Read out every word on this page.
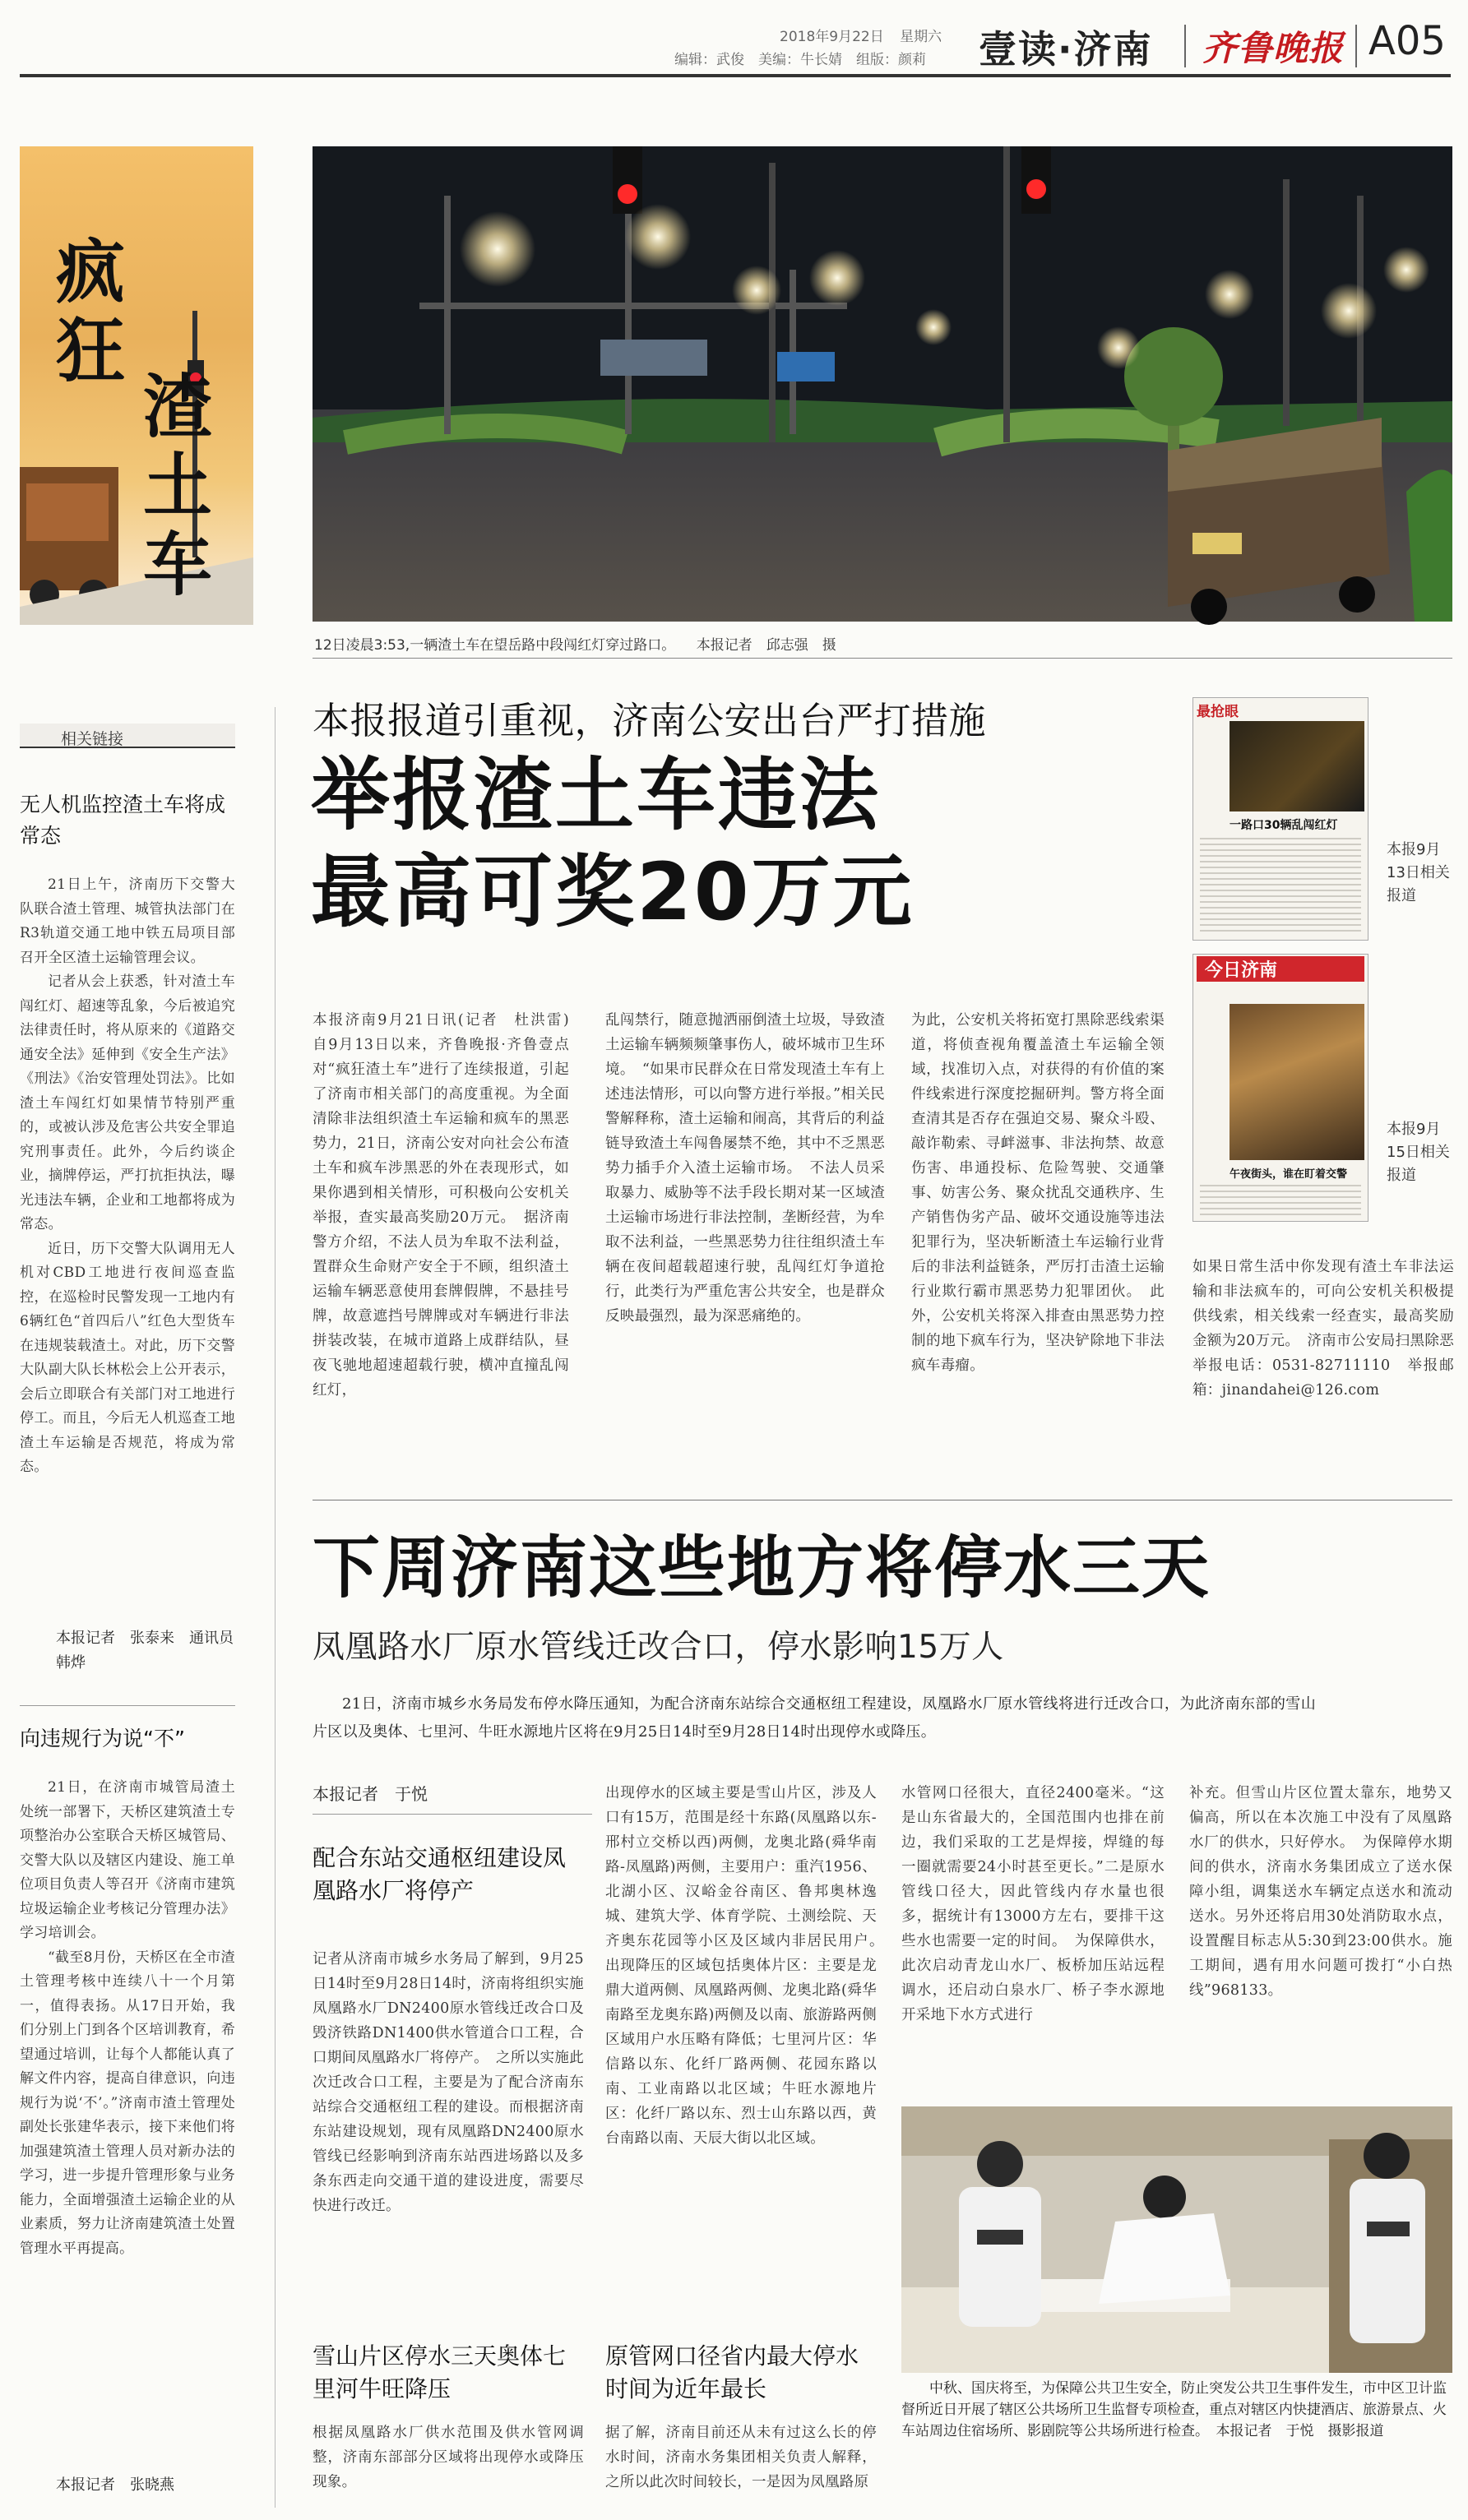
2018年9月22日 星期六
编辑：武俊　美编：牛长婧　组版：颜莉 壹读·济南 齐鲁晚报 A05
疯
狂
渣
土
车
12日凌晨3:53,一辆渣土车在望岳路中段闯红灯穿过路口。　　本报记者　邱志强　摄
相关链接
无人机监控渣土车将成常态

21日上午，济南历下交警大队联合渣土管理、城管执法部门在R3轨道交通工地中铁五局项目部召开全区渣土运输管理会议。

记者从会上获悉，针对渣土车闯红灯、超速等乱象，今后被追究法律责任时，将从原来的《道路交通安全法》延伸到《安全生产法》《刑法》《治安管理处罚法》。比如渣土车闯红灯如果情节特别严重的，或被认涉及危害公共安全罪追究刑事责任。此外，今后约谈企业，摘牌停运，严打抗拒执法，曝光违法车辆，企业和工地都将成为常态。

近日，历下交警大队调用无人机对CBD工地进行夜间巡查监控，在巡检时民警发现一工地内有6辆红色“首四后八”红色大型货车在违规装载渣土。对此，历下交警大队副大队长林松会上公开表示，会后立即联合有关部门对工地进行停工。而且，今后无人机巡查工地渣土车运输是否规范，将成为常态。

本报记者　张泰来　通讯员　韩烨
向违规行为说“不”

21日，在济南市城管局渣土处统一部署下，天桥区建筑渣土专项整治办公室联合天桥区城管局、交警大队以及辖区内建设、施工单位项目负责人等召开《济南市建筑垃圾运输企业考核记分管理办法》学习培训会。

“截至8月份，天桥区在全市渣土管理考核中连续八十一个月第一，值得表扬。从17日开始，我们分别上门到各个区培训教育，希望通过培训，让每个人都能认真了解文件内容，提高自律意识，向违规行为说‘不’。”济南市渣土管理处副处长张建华表示，接下来他们将加强建筑渣土管理人员对新办法的学习，进一步提升管理形象与业务能力，全面增强渣土运输企业的从业素质，努力让济南建筑渣土处置管理水平再提高。

本报记者　张晓燕
本报报道引重视，济南公安出台严打措施
举报渣土车违法
最高可奖20万元
本报济南9月21日讯(记者　杜洪雷)　自9月13日以来，齐鲁晚报·齐鲁壹点对“疯狂渣土车”进行了连续报道，引起了济南市相关部门的高度重视。为全面清除非法组织渣土车运输和疯车的黑恶势力，21日，济南公安对向社会公布渣土车和疯车涉黑恶的外在表现形式，如果你遇到相关情形，可积极向公安机关举报，查实最高奖励20万元。　据济南警方介绍，不法人员为牟取不法利益，置群众生命财产安全于不顾，组织渣土运输车辆恶意使用套牌假牌，不悬挂号牌，故意遮挡号牌牌或对车辆进行非法拼装改装，在城市道路上成群结队，昼夜飞驰地超速超载行驶，横冲直撞乱闯红灯，
乱闯禁行，随意抛洒丽倒渣土垃圾，导致渣土运输车辆频频肇事伤人，破坏城市卫生环境。　“如果市民群众在日常发现渣土车有上述违法情形，可以向警方进行举报。”相关民警解释称，渣土运输和闹高，其背后的利益链导致渣土车闯鲁屡禁不绝，其中不乏黑恶势力插手介入渣土运输市场。　不法人员采取暴力、威胁等不法手段长期对某一区域渣土运输市场进行非法控制，垄断经营，为牟取不法利益，一些黑恶势力往往组织渣土车辆在夜间超载超速行驶，乱闯红灯争道抢行，此类行为严重危害公共安全，也是群众反映最强烈，最为深恶痛绝的。
为此，公安机关将拓宽打黑除恶线索渠道，将侦查视角覆盖渣土车运输全领域，找准切入点，对获得的有价值的案件线索进行深度挖掘研判。警方将全面查清其是否存在强迫交易、聚众斗殴、敲诈勒索、寻衅滋事、非法拘禁、故意伤害、串通投标、危险驾驶、交通肇事、妨害公务、聚众扰乱交通秩序、生产销售伪劣产品、破坏交通设施等违法犯罪行为，坚决斩断渣土车运输行业背后的非法利益链条，严厉打击渣土运输行业欺行霸市黑恶势力犯罪团伙。　此外，公安机关将深入排查由黑恶势力控制的地下疯车行为，坚决铲除地下非法疯车毒瘤。
最抢眼
一路口30辆乱闯红灯
本报9月13日相关报道
今日济南
午夜街头，谁在盯着交警
本报9月15日相关报道
如果日常生活中你发现有渣土车非法运输和非法疯车的，可向公安机关积极提供线索，相关线索一经查实，最高奖励金额为20万元。　济南市公安局扫黑除恶举报电话：0531-82711110　举报邮箱：jinandahei@126.com
下周济南这些地方将停水三天
凤凰路水厂原水管线迁改合口，停水影响15万人
21日，济南市城乡水务局发布停水降压通知，为配合济南东站综合交通枢纽工程建设，凤凰路水厂原水管线将进行迁改合口，为此济南东部的雪山片区以及奥体、七里河、牛旺水源地片区将在9月25日14时至9月28日14时出现停水或降压。
本报记者　于悦
配合东站交通枢纽建设凤凰路水厂将停产
记者从济南市城乡水务局了解到，9月25日14时至9月28日14时，济南将组织实施凤凰路水厂DN2400原水管线迁改合口及毁济铁路DN1400供水管道合口工程，合口期间凤凰路水厂将停产。　之所以实施此次迁改合口工程，主要是为了配合济南东站综合交通枢纽工程的建设。而根据济南东站建设规划，现有凤凰路DN2400原水管线已经影响到济南东站西进场路以及多条东西走向交通干道的建设进度，需要尽快进行改迁。
雪山片区停水三天奥体七里河牛旺降压
根据凤凰路水厂供水范围及供水管网调整，济南东部部分区域将出现停水或降压现象。
出现停水的区域主要是雪山片区，涉及人口有15万，范围是经十东路(凤凰路以东-邢村立交桥以西)两侧，龙奥北路(舜华南路-凤凰路)两侧，主要用户：重汽1956、北湖小区、汉峪金谷南区、鲁邦奥林逸城、建筑大学、体育学院、土测绘院、天齐奥东花园等小区及区域内非居民用户。　出现降压的区域包括奥体片区：主要是龙鼎大道两侧、凤凰路两侧、龙奥北路(舜华南路至龙奥东路)两侧及以南、旅游路两侧区域用户水压略有降低；七里河片区：华信路以东、化纤厂路两侧、花园东路以南、工业南路以北区域；牛旺水源地片区：化纤厂路以东、烈士山东路以西，黄台南路以南、天辰大街以北区域。
原管网口径省内最大停水时间为近年最长
据了解，济南目前还从未有过这么长的停水时间，济南水务集团相关负责人解释，之所以此次时间较长，一是因为凤凰路原
水管网口径很大，直径2400毫米。“这是山东省最大的，全国范围内也排在前边，我们采取的工艺是焊接，焊缝的每一圈就需要24小时甚至更长。”二是原水管线口径大，因此管线内存水量也很多，据统计有13000方左右，要排干这些水也需要一定的时间。　为保障供水，此次启动青龙山水厂、板桥加压站远程调水，还启动白泉水厂、桥子李水源地开采地下水方式进行
补充。但雪山片区位置太靠东，地势又偏高，所以在本次施工中没有了凤凰路水厂的供水，只好停水。　为保障停水期间的供水，济南水务集团成立了送水保障小组，调集送水车辆定点送水和流动送水。另外还将启用30处消防取水点，设置醒目标志从5:30到23:00供水。施工期间，遇有用水问题可拨打“小白热线”968133。
中秋、国庆将至，为保障公共卫生安全，防止突发公共卫生事件发生，市中区卫计监督所近日开展了辖区公共场所卫生监督专项检查，重点对辖区内快捷酒店、旅游景点、火车站周边住宿场所、影剧院等公共场所进行检查。　本报记者　于悦　摄影报道
